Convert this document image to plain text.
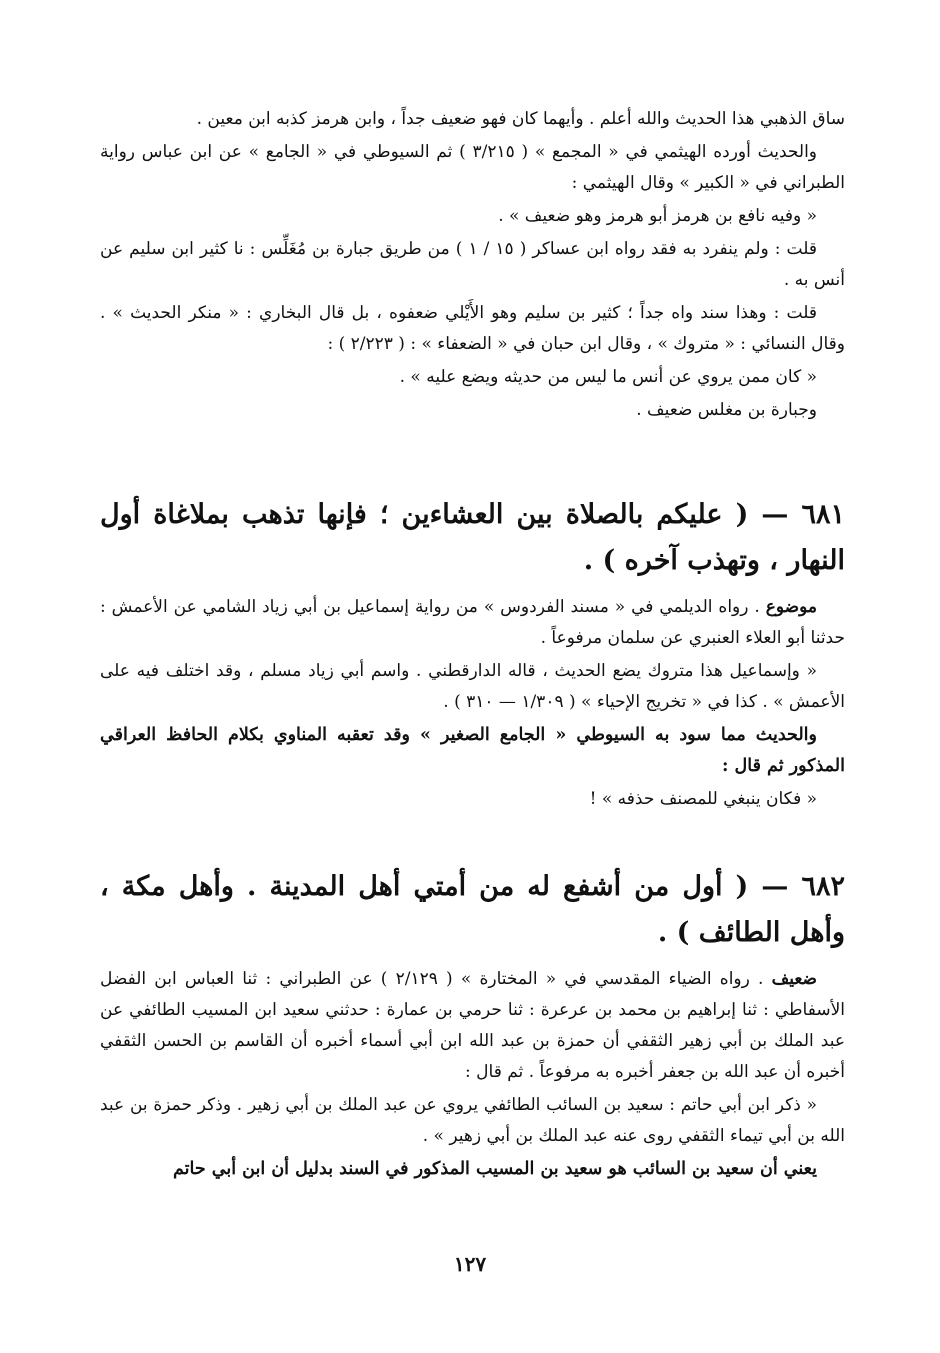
ساق الذهبي هذا الحديث والله أعلم . وأيهما كان فهو ضعيف جداً ، وابن هرمز كذبه ابن معين .

والحديث أورده الهيثمي في « المجمع » ( ٣/٢١٥ ) ثم السيوطي في « الجامع » عن ابن عباس رواية الطبراني في « الكبير » وقال الهيثمي :

« وفيه نافع بن هرمز أبو هرمز وهو ضعيف » .

قلت : ولم ينفرد به فقد رواه ابن عساكر ( ١٥ / ١ ) من طريق جبارة بن مُغَلِّس : نا كثير ابن سليم عن أنس به .

قلت : وهذا سند واه جداً ؛ كثير بن سليم وهو الأَيْلي ضعفوه ، بل قال البخاري : « منكر الحديث » . وقال النسائي : « متروك » ، وقال ابن حبان في « الضعفاء » : ( ٢/٢٢٣ ) :

« كان ممن يروي عن أنس ما ليس من حديثه ويضع عليه » .

وجبارة بن مغلس ضعيف .

٦٨١ — ( عليكم بالصلاة بين العشاءين ؛ فإنها تذهب بملاغاة أول النهار ، وتهذب آخره ) .

موضوع . رواه الديلمي في « مسند الفردوس » من رواية إسماعيل بن أبي زياد الشامي عن الأعمش : حدثنا أبو العلاء العنبري عن سلمان مرفوعاً .

« وإسماعيل هذا متروك يضع الحديث ، قاله الدارقطني . واسم أبي زياد مسلم ، وقد اختلف فيه على الأعمش » . كذا في « تخريج الإحياء » ( ١/٣٠٩ — ٣١٠ ) .

والحديث مما سود به السيوطي « الجامع الصغير » وقد تعقبه المناوي بكلام الحافظ العراقي المذكور ثم قال :

« فكان ينبغي للمصنف حذفه » !

٦٨٢ — ( أول من أشفع له من أمتي أهل المدينة . وأهل مكة ، وأهل الطائف ) .

ضعيف . رواه الضياء المقدسي في « المختارة » ( ٢/١٢٩ ) عن الطبراني : ثنا العباس ابن الفضل الأسفاطي : ثنا إبراهيم بن محمد بن عرعرة : ثنا حرمي بن عمارة : حدثني سعيد ابن المسيب الطائفي عن عبد الملك بن أبي زهير الثقفي أن حمزة بن عبد الله ابن أبي أسماء أخبره أن القاسم بن الحسن الثقفي أخبره أن عبد الله بن جعفر أخبره به مرفوعاً . ثم قال :

« ذكر ابن أبي حاتم : سعيد بن السائب الطائفي يروي عن عبد الملك بن أبي زهير . وذكر حمزة بن عبد الله بن أبي تيماء الثقفي روى عنه عبد الملك بن أبي زهير » .

يعني أن سعيد بن السائب هو سعيد بن المسيب المذكور في السند بدليل أن ابن أبي حاتم

١٢٧
